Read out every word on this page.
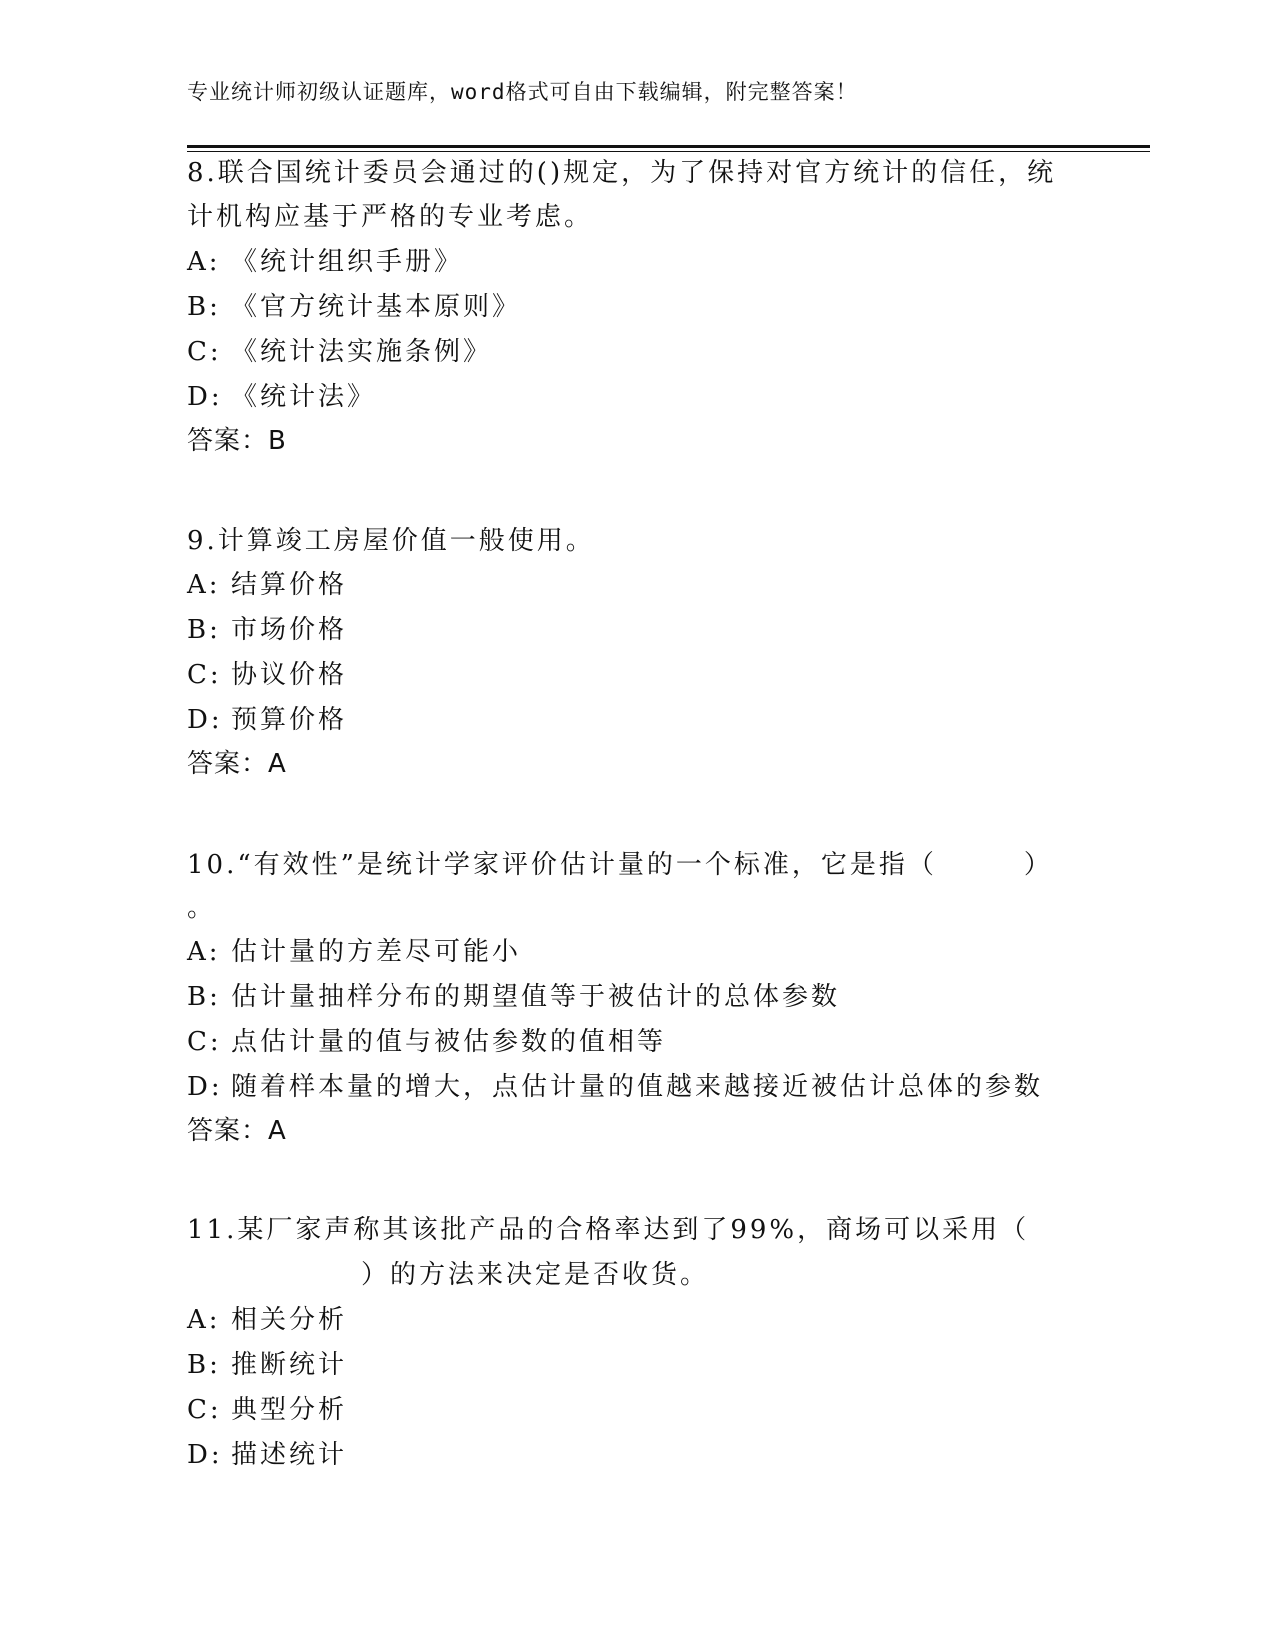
专业统计师初级认证题库，word格式可自由下载编辑，附完整答案！
8.联合国统计委员会通过的()规定，为了保持对官方统计的信任，统
计机构应基于严格的专业考虑。
A: 《统计组织手册》
B: 《官方统计基本原则》
C: 《统计法实施条例》
D: 《统计法》
答案：B
9.计算竣工房屋价值一般使用。
A: 结算价格
B: 市场价格
C: 协议价格
D: 预算价格
答案：A
10.“有效性”是统计学家评价估计量的一个标准，它是指（　　　）
。
A: 估计量的方差尽可能小
B: 估计量抽样分布的期望值等于被估计的总体参数
C: 点估计量的值与被估参数的值相等
D: 随着样本量的增大，点估计量的值越来越接近被估计总体的参数
答案：A
11.某厂家声称其该批产品的合格率达到了99%，商场可以采用（
　　　　　　）的方法来决定是否收货。
A: 相关分析
B: 推断统计
C: 典型分析
D: 描述统计
